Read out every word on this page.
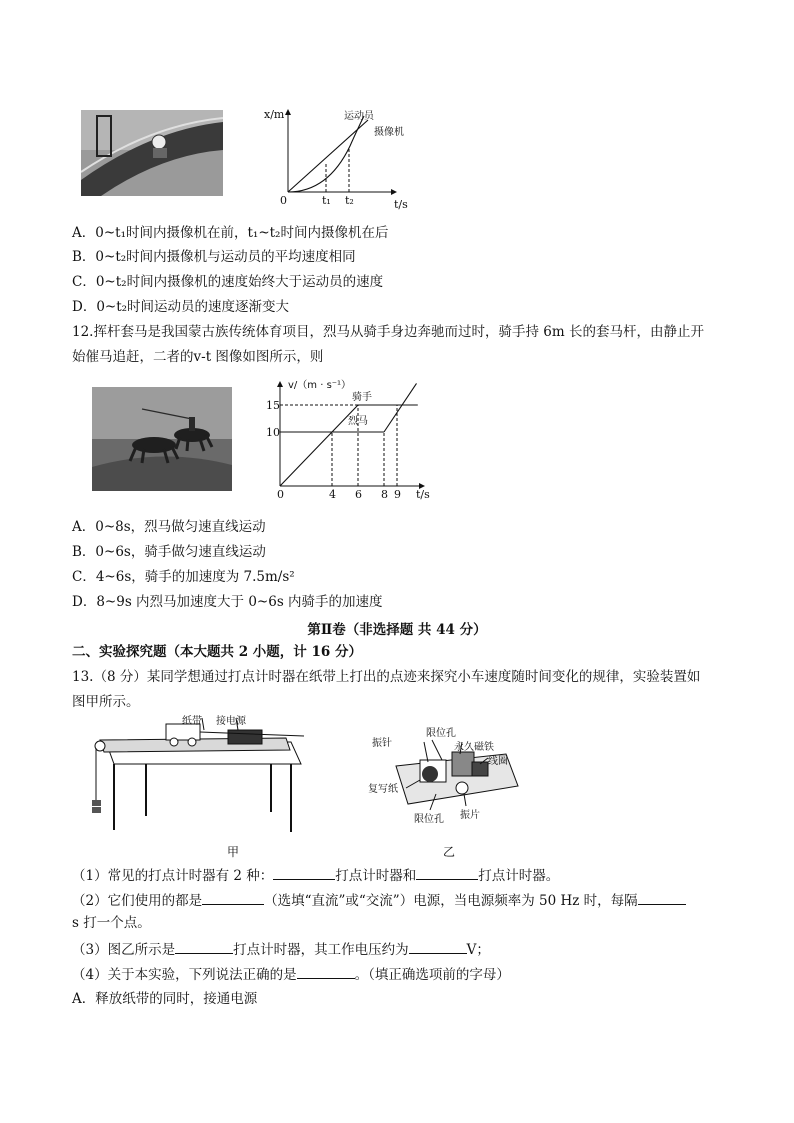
x/m
t/s
0	t₁ t₂
运动员
摄像机
A．0~t₁时间内摄像机在前，t₁~t₂时间内摄像机在后
B．0~t₂时间内摄像机与运动员的平均速度相同
C．0~t₂时间内摄像机的速度始终大于运动员的速度
D．0~t₂时间运动员的速度逐渐变大
12.挥杆套马是我国蒙古族传统体育项目，烈马从骑手身边奔驰而过时，骑手持 6m 长的套马杆，由静止开
始催马追赶，二者的v-t 图像如图所示，则
15
10
0	4 6 8 9
v/（m · s⁻¹）
t/s
骑手
烈马
A．0~8s，烈马做匀速直线运动
B．0~6s，骑手做匀速直线运动
C．4~6s，骑手的加速度为 7.5m/s²
D．8~9s 内烈马加速度大于 0~6s 内骑手的加速度
第Ⅱ卷（非选择题 共 44 分）
二、实验探究题（本大题共 2 小题，计 16 分）
13.（8 分）某同学想通过打点计时器在纸带上打出的点迹来探究小车速度随时间变化的规律，实验装置如
图甲所示。
纸带 接电源
甲
振针
限位孔
永久磁铁
线圈
复写纸
限位孔 振片
乙
（1）常见的打点计时器有 2 种：	打点计时器和	打点计时器。
（2）它们使用的都是	（选填“直流”或“交流”）电源，当电源频率为 50 Hz 时，每隔
s 打一个点。
（3）图乙所示是	打点计时器，其工作电压约为	V；
（4）关于本实验，下列说法正确的是	。（填正确选项前的字母）
A．释放纸带的同时，接通电源
